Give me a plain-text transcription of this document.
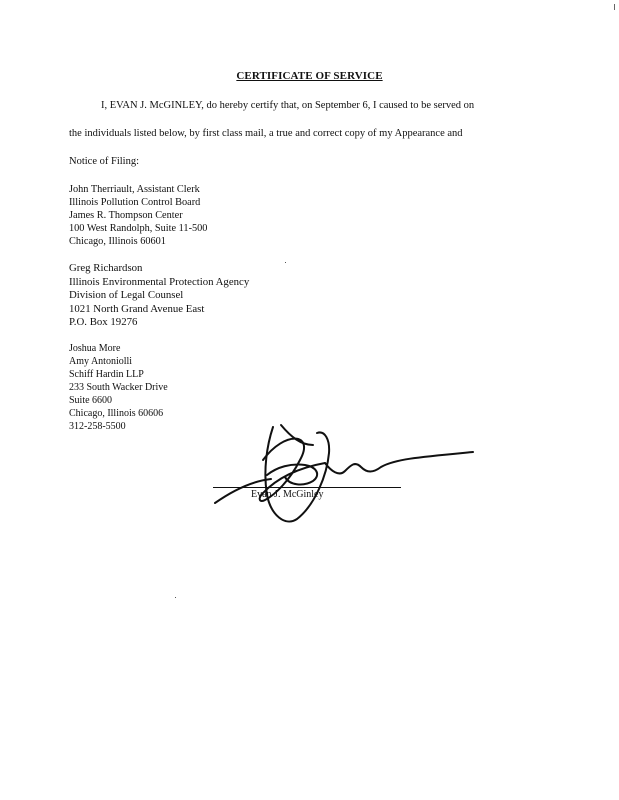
CERTIFICATE OF SERVICE
I, EVAN J. McGINLEY, do hereby certify that, on September 6, I caused to be served on
the individuals listed below, by first class mail, a true and correct copy of my Appearance and
Notice of Filing:
John Therriault, Assistant Clerk
Illinois Pollution Control Board
James R. Thompson Center
100 West Randolph, Suite 11-500
Chicago, Illinois 60601
Greg Richardson
Illinois Environmental Protection Agency
Division of Legal Counsel
1021 North Grand Avenue East
P.O. Box 19276
Joshua More
Amy Antoniolli
Schiff Hardin LLP
233 South Wacker Drive
Suite 6600
Chicago, Illinois 60606
312-258-5500
Evan J. McGinley
